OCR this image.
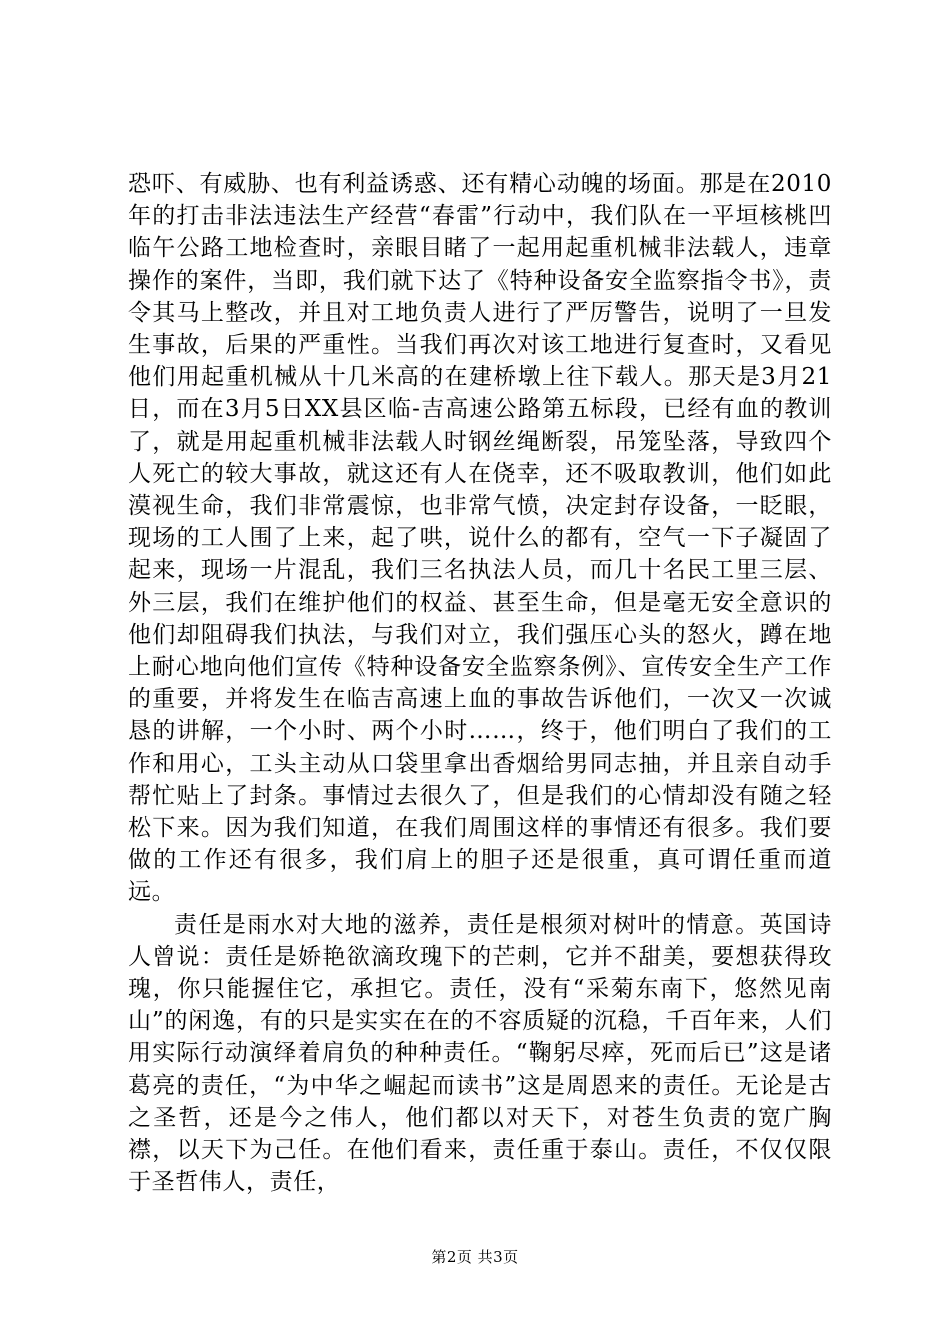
恐吓、有威胁、也有利益诱惑、还有精心动魄的场面。那是在2010年的打击非法违法生产经营“春雷”行动中，我们队在一平垣核桃凹临午公路工地检查时，亲眼目睹了一起用起重机械非法载人，违章操作的案件，当即，我们就下达了《特种设备安全监察指令书》，责令其马上整改，并且对工地负责人进行了严厉警告，说明了一旦发生事故，后果的严重性。当我们再次对该工地进行复查时，又看见他们用起重机械从十几米高的在建桥墩上往下载人。那天是3月21日，而在3月5日XX县区临-吉高速公路第五标段，已经有血的教训了，就是用起重机械非法载人时钢丝绳断裂，吊笼坠落，导致四个人死亡的较大事故，就这还有人在侥幸，还不吸取教训，他们如此漠视生命，我们非常震惊，也非常气愤，决定封存设备，一眨眼，现场的工人围了上来，起了哄，说什么的都有，空气一下子凝固了起来，现场一片混乱，我们三名执法人员，而几十名民工里三层、外三层，我们在维护他们的权益、甚至生命，但是毫无安全意识的他们却阻碍我们执法，与我们对立，我们强压心头的怒火，蹲在地上耐心地向他们宣传《特种设备安全监察条例》、宣传安全生产工作的重要，并将发生在临吉高速上血的事故告诉他们，一次又一次诚恳的讲解，一个小时、两个小时……，终于，他们明白了我们的工作和用心，工头主动从口袋里拿出香烟给男同志抽，并且亲自动手帮忙贴上了封条。事情过去很久了，但是我们的心情却没有随之轻松下来。因为我们知道，在我们周围这样的事情还有很多。我们要做的工作还有很多，我们肩上的胆子还是很重，真可谓任重而道远。

责任是雨水对大地的滋养，责任是根须对树叶的情意。英国诗人曾说：责任是娇艳欲滴玫瑰下的芒刺，它并不甜美，要想获得玫瑰，你只能握住它，承担它。责任，没有“采菊东南下，悠然见南山”的闲逸，有的只是实实在在的不容质疑的沉稳，千百年来，人们用实际行动演绎着肩负的种种责任。“鞠躬尽瘁，死而后已”这是诸葛亮的责任，“为中华之崛起而读书”这是周恩来的责任。无论是古之圣哲，还是今之伟人，他们都以对天下，对苍生负责的宽广胸襟，以天下为己任。在他们看来，责任重于泰山。责任，不仅仅限于圣哲伟人，责任，

第2页 共3页
